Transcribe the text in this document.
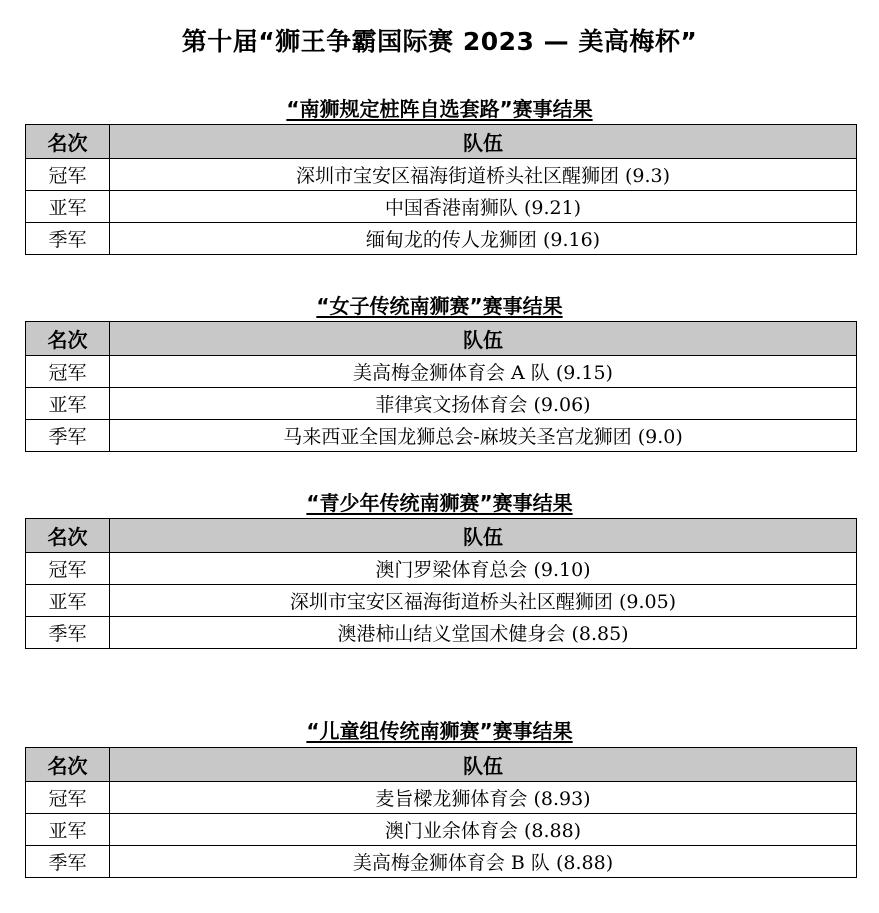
第十届“狮王争霸国际赛 2023 — 美高梅杯”
“南狮规定桩阵自选套路”赛事结果
名次	队伍
冠军	深圳市宝安区福海街道桥头社区醒狮团 (9.3)
亚军	中国香港南狮队 (9.21)
季军	缅甸龙的传人龙狮团 (9.16)
“女子传统南狮赛”赛事结果
名次	队伍
冠军	美高梅金狮体育会 A 队 (9.15)
亚军	菲律宾文扬体育会 (9.06)
季军	马来西亚全国龙狮总会-麻坡关圣宫龙狮团 (9.0)
“青少年传统南狮赛”赛事结果
名次	队伍
冠军	澳门罗梁体育总会 (9.10)
亚军	深圳市宝安区福海街道桥头社区醒狮团 (9.05)
季军	澳港柿山结义堂国术健身会 (8.85)
“儿童组传统南狮赛”赛事结果
名次	队伍
冠军	麦旨樑龙狮体育会 (8.93)
亚军	澳门业余体育会 (8.88)
季军	美高梅金狮体育会 B 队 (8.88)
